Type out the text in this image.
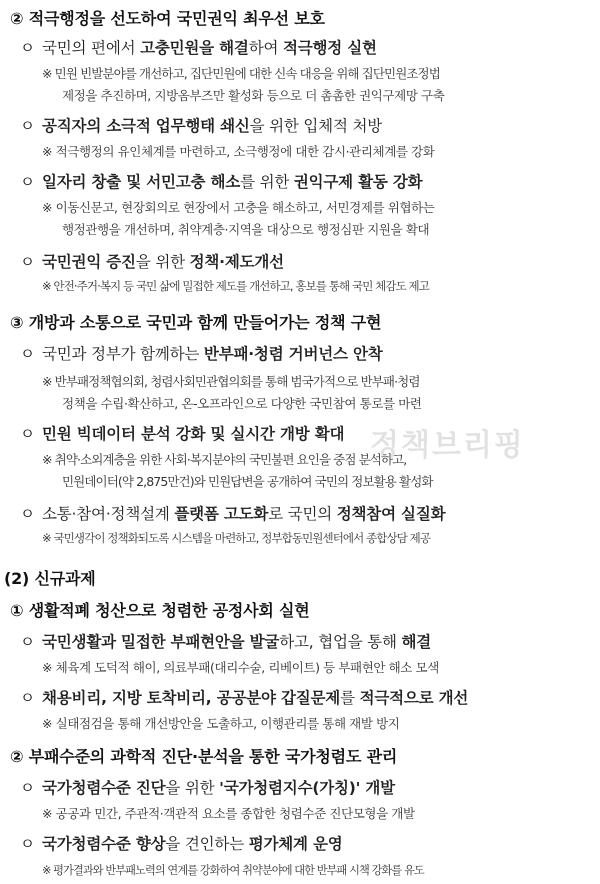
② 적극행정을 선도하여 국민권익 최우선 보호
ㅇ 국민의 편에서 고충민원을 해결하여 적극행정 실현
※ 민원 빈발분야를 개선하고, 집단민원에 대한 신속 대응을 위해 집단민원조정법
제정을 추진하며, 지방옴부즈만 활성화 등으로 더 촘촘한 권익구제망 구축
ㅇ 공직자의 소극적 업무행태 쇄신을 위한 입체적 처방
※ 적극행정의 유인체계를 마련하고, 소극행정에 대한 감시·관리체계를 강화
ㅇ 일자리 창출 및 서민고충 해소를 위한 권익구제 활동 강화
※ 이동신문고, 현장회의로 현장에서 고충을 해소하고, 서민경제를 위협하는
행정관행을 개선하며, 취약계층·지역을 대상으로 행정심판 지원을 확대
ㅇ 국민권익 증진을 위한 정책·제도개선
※ 안전·주거·복지 등 국민 삶에 밀접한 제도를 개선하고, 홍보를 통해 국민 체감도 제고
③ 개방과 소통으로 국민과 함께 만들어가는 정책 구현
ㅇ 국민과 정부가 함께하는 반부패·청렴 거버넌스 안착
※ 반부패정책협의회, 청렴사회민관협의회를 통해 범국가적으로 반부패·청렴
정책을 수립·확산하고, 온-오프라인으로 다양한 국민참여 통로를 마련
ㅇ 민원 빅데이터 분석 강화 및 실시간 개방 확대
※ 취약·소외계층을 위한 사회·복지분야의 국민불편 요인을 중점 분석하고,
민원데이터(약 2,875만건)와 민원답변을 공개하여 국민의 정보활용 활성화
ㅇ 소통·참여·정책설계 플랫폼 고도화로 국민의 정책참여 실질화
※ 국민생각이 정책화되도록 시스템을 마련하고, 정부합동민원센터에서 종합상담 제공
(2) 신규과제
① 생활적폐 청산으로 청렴한 공정사회 실현
ㅇ 국민생활과 밀접한 부패현안을 발굴하고, 협업을 통해 해결
※ 체육계 도덕적 해이, 의료부패(대리수술, 리베이트) 등 부패현안 해소 모색
ㅇ 채용비리, 지방 토착비리, 공공분야 갑질문제를 적극적으로 개선
※ 실태점검을 통해 개선방안을 도출하고, 이행관리를 통해 재발 방지
② 부패수준의 과학적 진단·분석을 통한 국가청렴도 관리
ㅇ 국가청렴수준 진단을 위한 '국가청렴지수(가칭)' 개발
※ 공공과 민간, 주관적·객관적 요소를 종합한 청렴수준 진단모형을 개발
ㅇ 국가청렴수준 향상을 견인하는 평가체계 운영
※ 평가결과와 반부패노력의 연계를 강화하여 취약분야에 대한 반부패 시책 강화를 유도
정책브리핑
